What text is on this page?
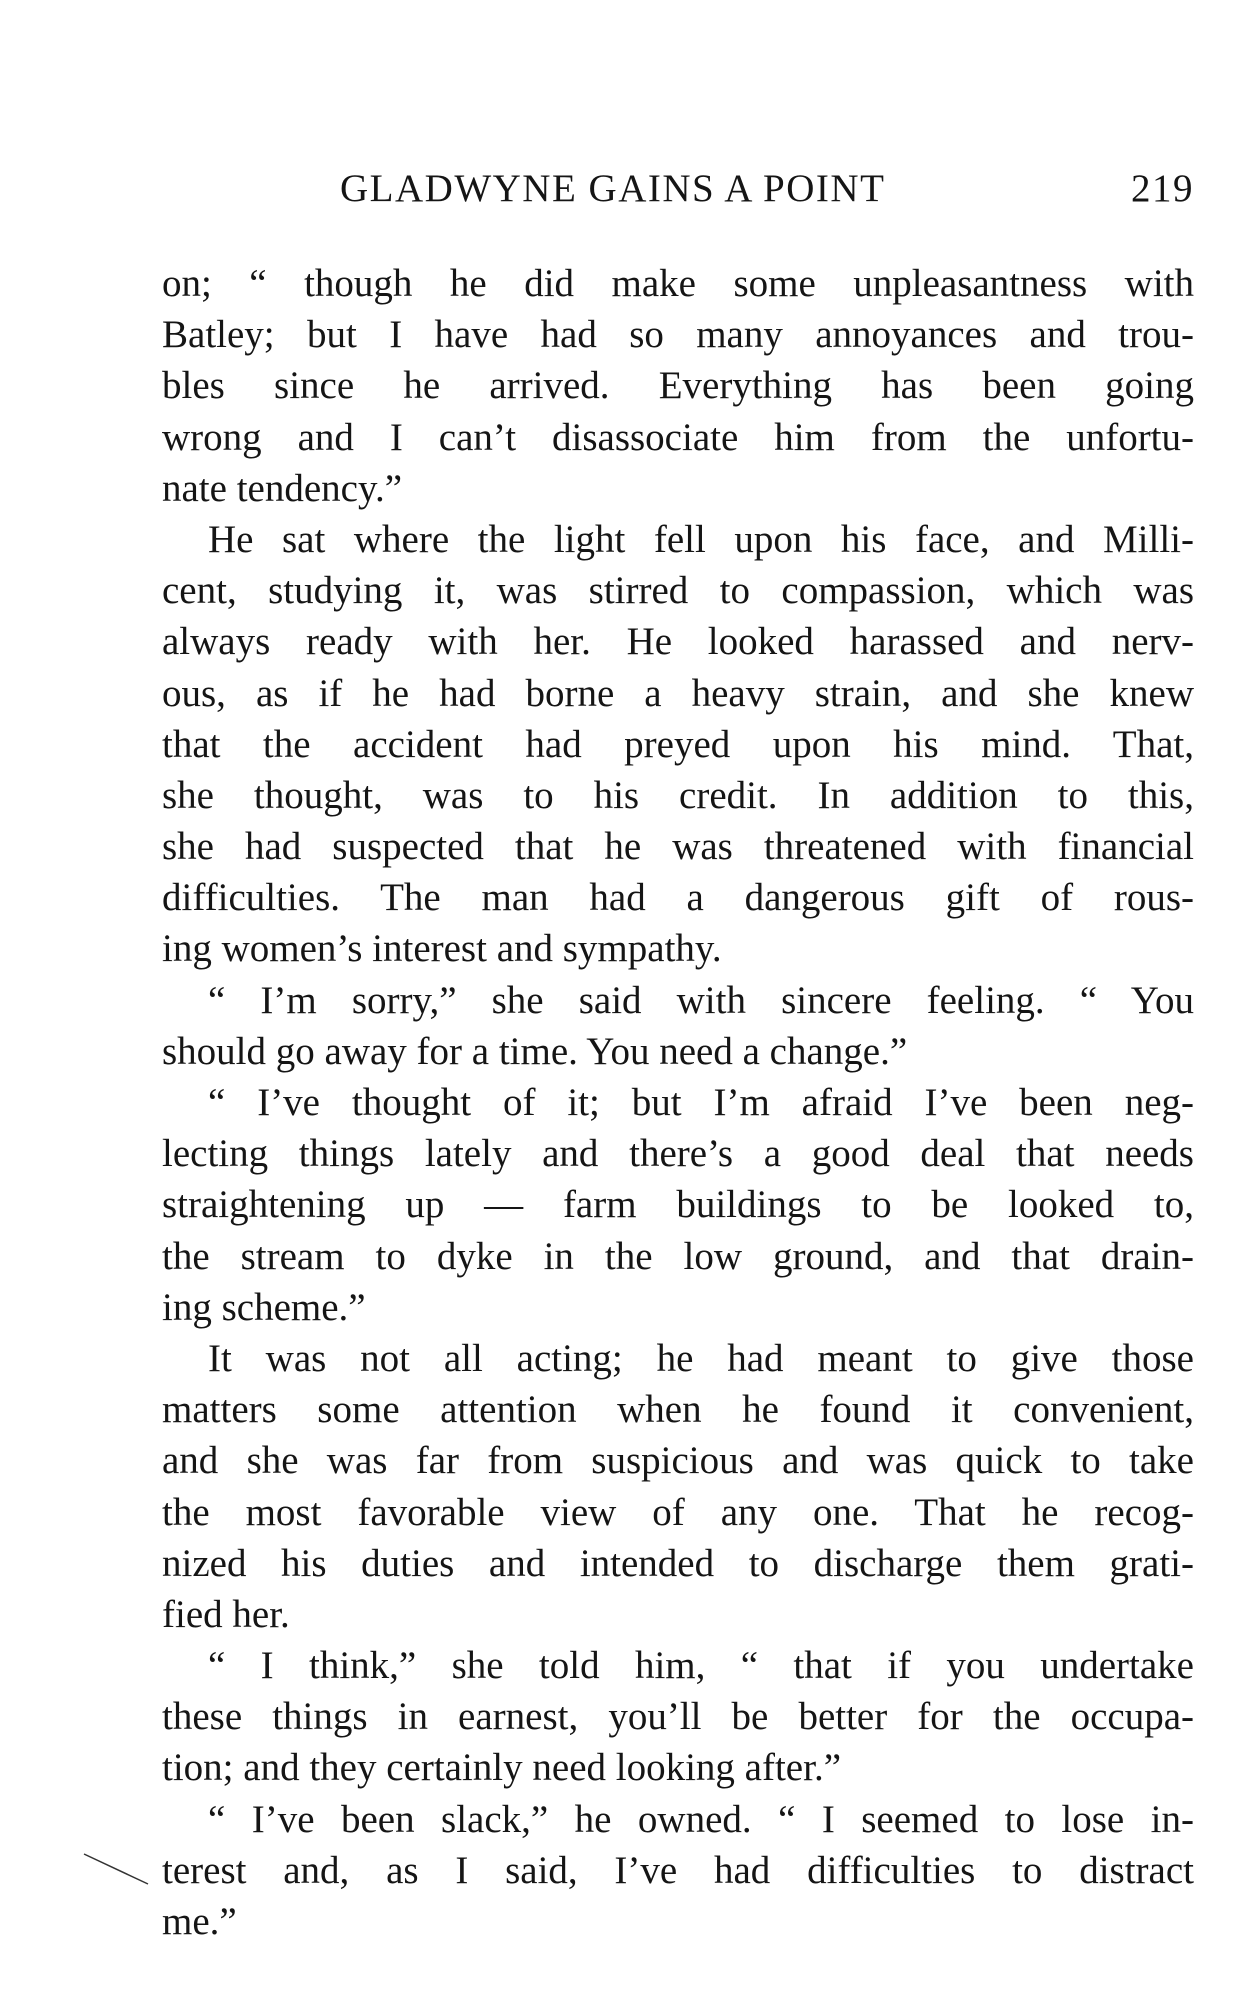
GLADWYNE GAINS A POINT	219
on; “ though he did make some unpleasantness with
Batley; but I have had so many annoyances and trou-
bles since he arrived. Everything has been going
wrong and I can’t disassociate him from the unfortu-
nate tendency.”
He sat where the light fell upon his face, and Milli-
cent, studying it, was stirred to compassion, which was
always ready with her. He looked harassed and nerv-
ous, as if he had borne a heavy strain, and she knew
that the accident had preyed upon his mind. That,
she thought, was to his credit. In addition to this,
she had suspected that he was threatened with financial
difficulties. The man had a dangerous gift of rous-
ing women’s interest and sympathy.
“ I’m sorry,” she said with sincere feeling. “ You
should go away for a time. You need a change.”
“ I’ve thought of it; but I’m afraid I’ve been neg-
lecting things lately and there’s a good deal that needs
straightening up — farm buildings to be looked to,
the stream to dyke in the low ground, and that drain-
ing scheme.”
It was not all acting; he had meant to give those
matters some attention when he found it convenient,
and she was far from suspicious and was quick to take
the most favorable view of any one. That he recog-
nized his duties and intended to discharge them grati-
fied her.
“ I think,” she told him, “ that if you undertake
these things in earnest, you’ll be better for the occupa-
tion; and they certainly need looking after.”
“ I’ve been slack,” he owned. “ I seemed to lose in-
terest and, as I said, I’ve had difficulties to distract
me.”
